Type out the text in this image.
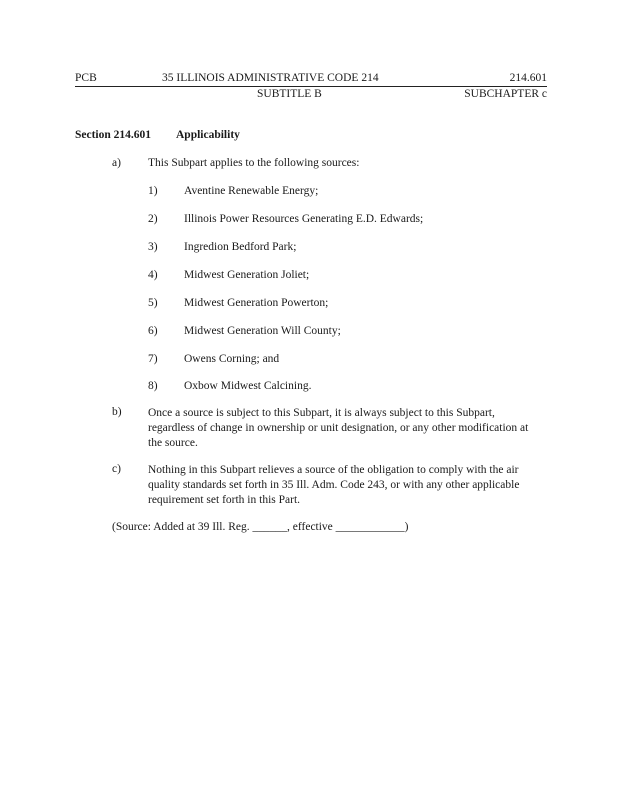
PCB	35 ILLINOIS ADMINISTRATIVE CODE 214	214.601
SUBTITLE B	SUBCHAPTER c
Section 214.601 Applicability
a) This Subpart applies to the following sources:
1) Aventine Renewable Energy;
2) Illinois Power Resources Generating E.D. Edwards;
3) Ingredion Bedford Park;
4) Midwest Generation Joliet;
5) Midwest Generation Powerton;
6) Midwest Generation Will County;
7) Owens Corning; and
8) Oxbow Midwest Calcining.
b) Once a source is subject to this Subpart, it is always subject to this Subpart, regardless of change in ownership or unit designation, or any other modification at the source.
c) Nothing in this Subpart relieves a source of the obligation to comply with the air quality standards set forth in 35 Ill. Adm. Code 243, or with any other applicable requirement set forth in this Part.
(Source: Added at 39 Ill. Reg. ______, effective ____________)
